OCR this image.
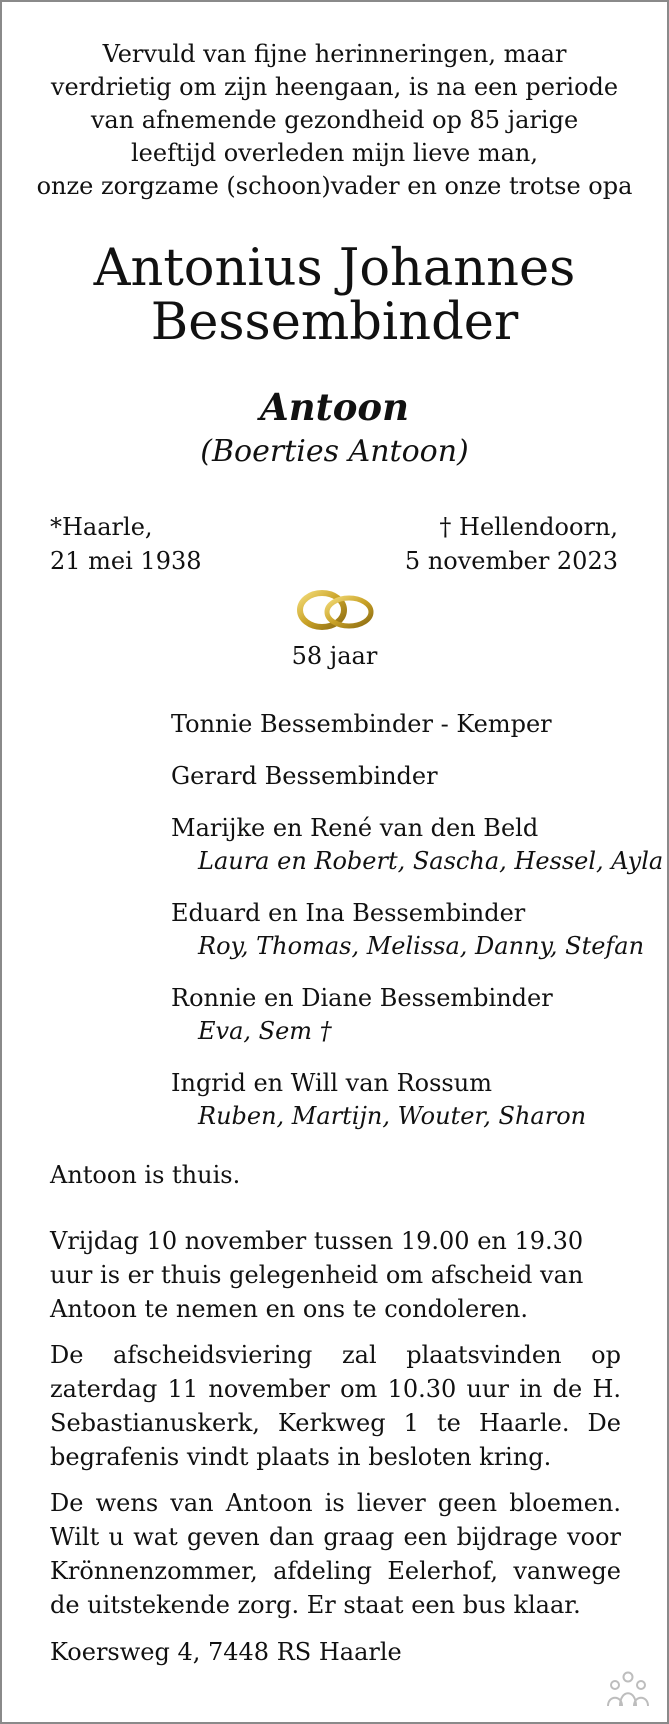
Vervuld van fijne herinneringen, maar
verdrietig om zijn heengaan, is na een periode
van afnemende gezondheid op 85 jarige
leeftijd overleden mijn lieve man,
onze zorgzame (schoon)vader en onze trotse opa
Antonius Johannes
Bessembinder
Antoon
(Boerties Antoon)
*Haarle,
21 mei 1938
† Hellendoorn,
5 november 2023
58 jaar
Tonnie Bessembinder - Kemper
Gerard Bessembinder
Marijke en René van den Beld
Laura en Robert, Sascha, Hessel, Ayla
Eduard en Ina Bessembinder
Roy, Thomas, Melissa, Danny, Stefan
Ronnie en Diane Bessembinder
Eva, Sem †
Ingrid en Will van Rossum
Ruben, Martijn, Wouter, Sharon
Antoon is thuis.
Vrijdag 10 november tussen 19.00 en 19.30 uur is er thuis gelegenheid om afscheid van Antoon te nemen en ons te condoleren.
De afscheidsviering zal plaatsvinden op zaterdag 11 november om 10.30 uur in de H. Sebastianuskerk, Kerkweg 1 te Haarle. De begrafenis vindt plaats in besloten kring.
De wens van Antoon is liever geen bloemen. Wilt u wat geven dan graag een bijdrage voor Krönnenzommer, afdeling Eelerhof, vanwege de uitstekende zorg. Er staat een bus klaar.
Koersweg 4, 7448 RS Haarle
